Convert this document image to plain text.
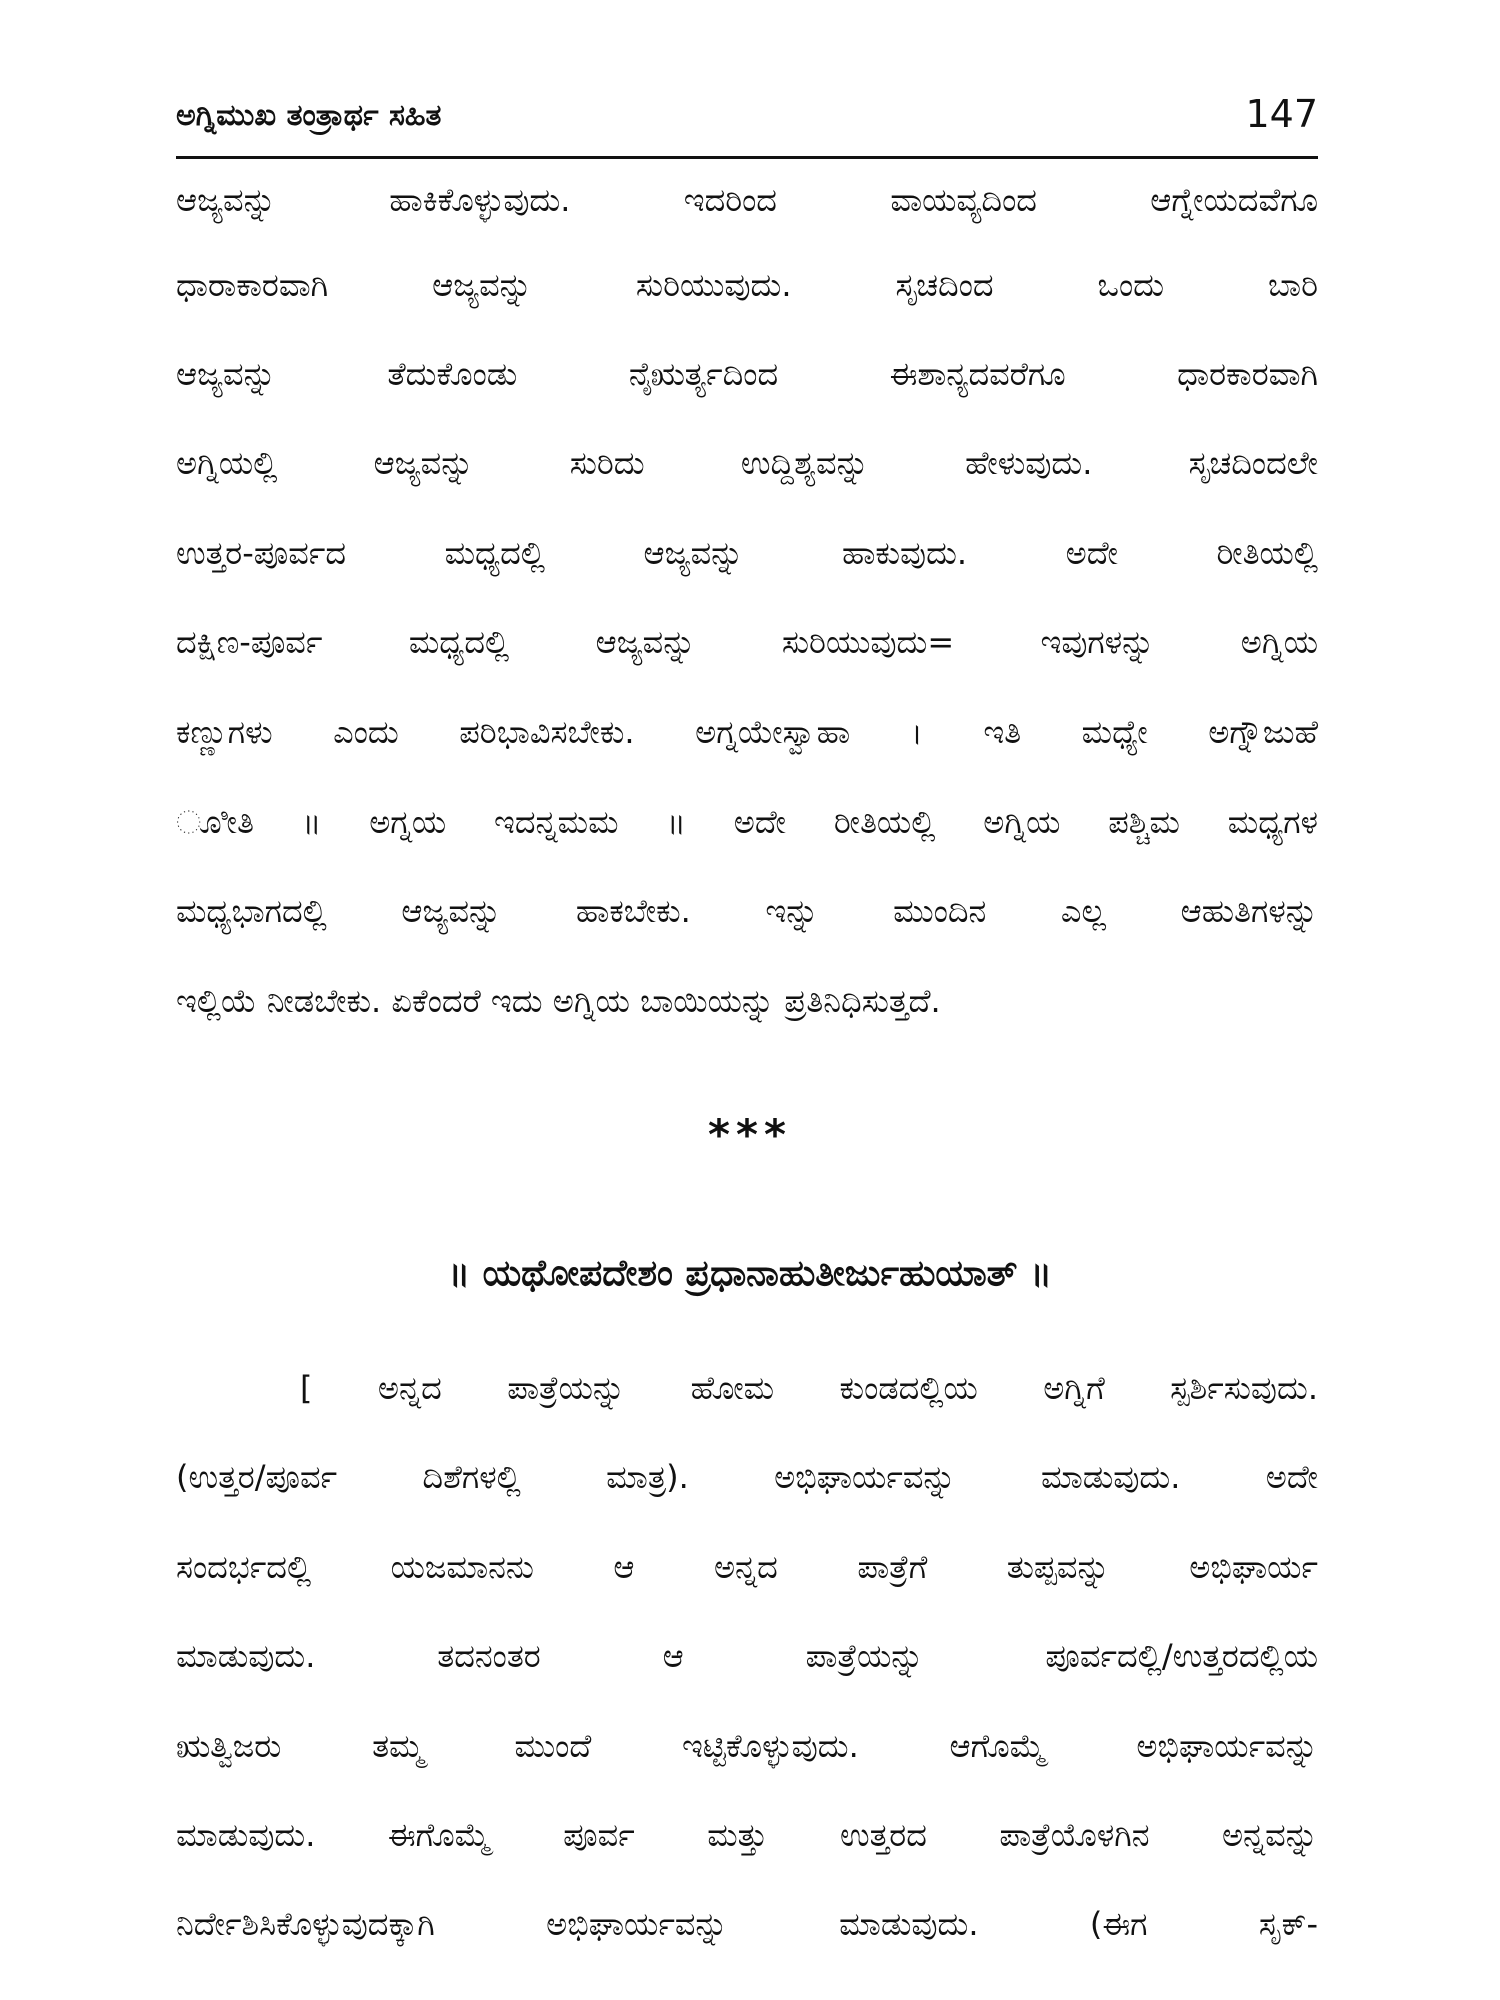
ಅಗ್ನಿಮುಖ ತಂತ್ರಾರ್ಥ ಸಹಿತ	147
ಆಜ್ಯವನ್ನು ಹಾಕಿಕೊಳ್ಳುವುದು. ಇದರಿಂದ ವಾಯವ್ಯದಿಂದ ಆಗ್ನೇಯದವೆಗೂ
ಧಾರಾಕಾರವಾಗಿ ಆಜ್ಯವನ್ನು ಸುರಿಯುವುದು. ಸೃಚದಿಂದ ಒಂದು ಬಾರಿ
ಆಜ್ಯವನ್ನು ತೆದುಕೊಂಡು ನೈಋರ್ತ್ಯದಿಂದ ಈಶಾನ್ಯದವರೆಗೂ ಧಾರಕಾರವಾಗಿ
ಅಗ್ನಿಯಲ್ಲಿ ಆಜ್ಯವನ್ನು ಸುರಿದು ಉದ್ದಿಶ್ಯವನ್ನು ಹೇಳುವುದು. ಸೃಚದಿಂದಲೇ
ಉತ್ತರ-ಪೂರ್ವದ ಮಧ್ಯದಲ್ಲಿ ಆಜ್ಯವನ್ನು ಹಾಕುವುದು. ಅದೇ ರೀತಿಯಲ್ಲಿ
ದಕ್ಷಿಣ-ಪೂರ್ವ ಮಧ್ಯದಲ್ಲಿ ಆಜ್ಯವನ್ನು ಸುರಿಯುವುದು= ಇವುಗಳನ್ನು ಅಗ್ನಿಯ
ಕಣ್ಣುಗಳು ಎಂದು ಪರಿಭಾವಿಸಬೇಕು. ಅಗ್ನಯೇಸ್ವಾಹಾ । ಇತಿ ಮಧ್ಯೇ ಅಗ್ನೌಜುಹೆ
ೂೀತಿ ॥ ಅಗ್ನಯ ಇದನ್ನಮಮ ॥ ಅದೇ ರೀತಿಯಲ್ಲಿ ಅಗ್ನಿಯ ಪಶ್ಚಿಮ ಮಧ್ಯಗಳ
ಮಧ್ಯಭಾಗದಲ್ಲಿ ಆಜ್ಯವನ್ನು ಹಾಕಬೇಕು. ಇನ್ನು ಮುಂದಿನ ಎಲ್ಲ ಆಹುತಿಗಳನ್ನು
ಇಲ್ಲಿಯೆ ನೀಡಬೇಕು. ಏಕೆಂದರೆ ಇದು ಅಗ್ನಿಯ ಬಾಯಿಯನ್ನು ಪ್ರತಿನಿಧಿಸುತ್ತದೆ.
***
॥ ಯಥೋಪದೇಶಂ ಪ್ರಧಾನಾಹುತೀರ್ಜುಹುಯಾತ್ ॥
[ ಅನ್ನದ ಪಾತ್ರೆಯನ್ನು ಹೋಮ ಕುಂಡದಲ್ಲಿಯ ಅಗ್ನಿಗೆ ಸ್ಪರ್ಶಿಸುವುದು.
(ಉತ್ತರ/ಪೂರ್ವ ದಿಶೆಗಳಲ್ಲಿ ಮಾತ್ರ). ಅಭಿಘಾರ್ಯವನ್ನು ಮಾಡುವುದು. ಅದೇ
ಸಂದರ್ಭದಲ್ಲಿ ಯಜಮಾನನು ಆ ಅನ್ನದ ಪಾತ್ರೆಗೆ ತುಪ್ಪವನ್ನು ಅಭಿಘಾರ್ಯ
ಮಾಡುವುದು. ತದನಂತರ ಆ ಪಾತ್ರೆಯನ್ನು ಪೂರ್ವದಲ್ಲಿ/ಉತ್ತರದಲ್ಲಿಯ
ಋತ್ವಿಜರು ತಮ್ಮ ಮುಂದೆ ಇಟ್ಟಿಕೊಳ್ಳುವುದು. ಆಗೊಮ್ಮೆ ಅಭಿಘಾರ್ಯವನ್ನು
ಮಾಡುವುದು. ಈಗೊಮ್ಮೆ ಪೂರ್ವ ಮತ್ತು ಉತ್ತರದ ಪಾತ್ರೆಯೊಳಗಿನ ಅನ್ನವನ್ನು
ನಿರ್ದೇಶಿಸಿಕೊಳ್ಳುವುದಕ್ಕಾಗಿ ಅಭಿಘಾರ್ಯವನ್ನು ಮಾಡುವುದು. (ಈಗ ಸೃಕ್-
